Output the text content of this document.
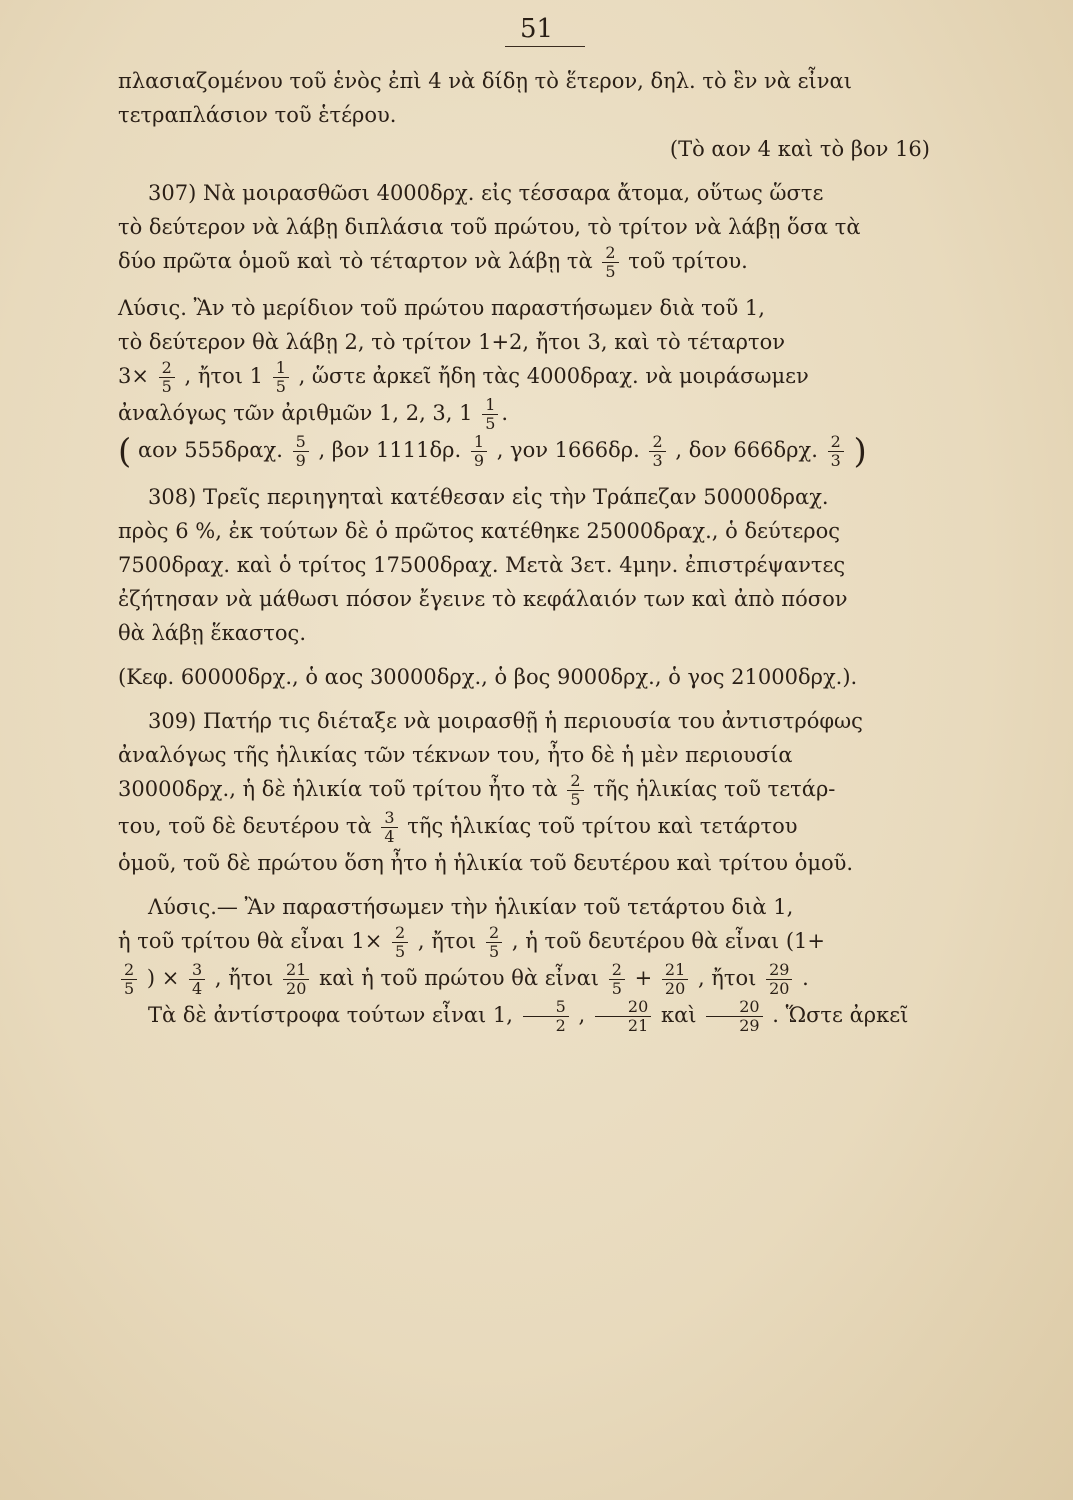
51

πλασιαζομένου τοῦ ἑνὸς ἐπὶ 4 νὰ δίδῃ τὸ ἕτερον, δηλ. τὸ ἓν νὰ εἶναι

τετραπλάσιον τοῦ ἑτέρου.

(Τὸ αον 4 καὶ τὸ βον 16)

307) Νὰ μοιρασθῶσι 4000δρχ. εἰς τέσσαρα ἄτομα, οὕτως ὥστε

τὸ δεύτερον νὰ λάβῃ διπλάσια τοῦ πρώτου, τὸ τρίτον νὰ λάβῃ ὅσα τὰ

δύο πρῶτα ὁμοῦ καὶ τὸ τέταρτον νὰ λάβῃ τὰ $\frac{2}{5}$ τοῦ τρίτου.

Λύσις. Ἂν τὸ μερίδιον τοῦ πρώτου παραστήσωμεν διὰ τοῦ 1,

τὸ δεύτερον θὰ λάβῃ 2, τὸ τρίτον 1+2, ἤτοι 3, καὶ τὸ τέταρτον

$3\times \frac{2}{5}$ , ἤτοι $1 \frac{1}{5}$ , ὥστε ἀρκεῖ ἤδη τὰς 4000δραχ. νὰ μοιράσωμεν

ἀναλόγως τῶν ἀριθμῶν 1, 2, 3, $1 \frac{1}{5}$ .

( αον 555δραχ. $\frac{5}{9}$ , βον 1111δρ. $\frac{1}{9}$ , γον 1666δρ. $\frac{2}{3}$ , δον 666δρχ. $\frac{2}{3}$ )

308) Τρεῖς περιηγηταὶ κατέθεσαν εἰς τὴν Τράπεζαν 50000δραχ.

πρὸς 6 %, ἐκ τούτων δὲ ὁ πρῶτος κατέθηκε 25000δραχ., ὁ δεύτερος

7500δραχ. καὶ ὁ τρίτος 17500δραχ. Μετὰ 3ετ. 4μην. ἐπιστρέψαντες

ἐζήτησαν νὰ μάθωσι πόσον ἔγεινε τὸ κεφάλαιόν των καὶ ἀπὸ πόσον

θὰ λάβῃ ἕκαστος.

(Κεφ. 60000δρχ., ὁ αος 30000δρχ., ὁ βος 9000δρχ., ὁ γος 21000δρχ.).

309) Πατήρ τις διέταξε νὰ μοιρασθῇ ἡ περιουσία του ἀντιστρόφως

ἀναλόγως τῆς ἡλικίας τῶν τέκνων του, ἦτο δὲ ἡ μὲν περιουσία

30000δρχ., ἡ δὲ ἡλικία τοῦ τρίτου ἦτο τὰ $\frac{2}{5}$ τῆς ἡλικίας τοῦ τετάρ-

του, τοῦ δὲ δευτέρου τὰ $\frac{3}{4}$ τῆς ἡλικίας τοῦ τρίτου καὶ τετάρτου

ὁμοῦ, τοῦ δὲ πρώτου ὅση ἦτο ἡ ἡλικία τοῦ δευτέρου καὶ τρίτου ὁμοῦ.

Λύσις.— Ἂν παραστήσωμεν τὴν ἡλικίαν τοῦ τετάρτου διὰ 1,

ἡ τοῦ τρίτου θὰ εἶναι $1\times \frac{2}{5}$ , ἤτοι $\frac{2}{5}$ , ἡ τοῦ δευτέρου θὰ εἶναι (1+

$\frac{2}{5}$ ) × $\frac{3}{4}$ , ἤτοι $\frac{21}{20}$ καὶ ἡ τοῦ πρώτου θὰ εἶναι $\frac{2}{5} + \frac{21}{20}$ , ἤτοι $\frac{29}{20}$ .

Τὰ δὲ ἀντίστροφα τούτων εἶναι 1, $\frac{5}{2}$ , $\frac{20}{21}$ καὶ $\frac{20}{29}$ . Ὥστε ἀρκεῖ
